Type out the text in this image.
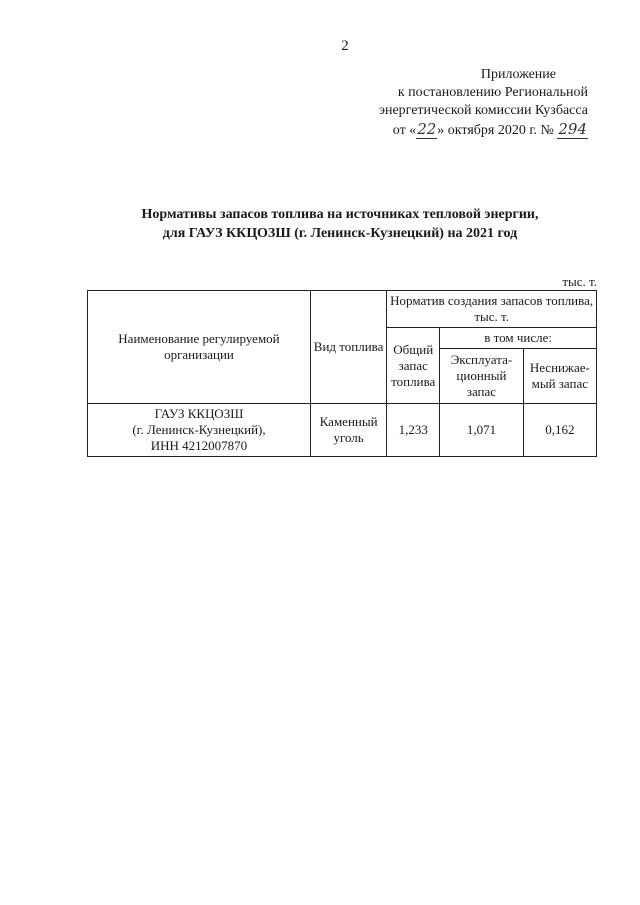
2
Приложение
к постановлению Региональной
энергетической комиссии Кузбасса
от «22» октября 2020 г. № 294
Нормативы запасов топлива на источниках тепловой энергии,
для ГАУЗ ККЦОЗШ (г. Ленинск-Кузнецкий) на 2021 год
тыс. т.
Наименование регулируемой организации	Вид топлива	Норматив создания запасов топлива, тыс. т.		
		Общий запас топлива	в том числе:	
			Эксплуата-ционный запас	Неснижае-мый запас

ГАУЗ ККЦОЗШ
(г. Ленинск-Кузнецкий),
ИНН 4212007870	Каменный уголь	1,233	1,071	0,162
